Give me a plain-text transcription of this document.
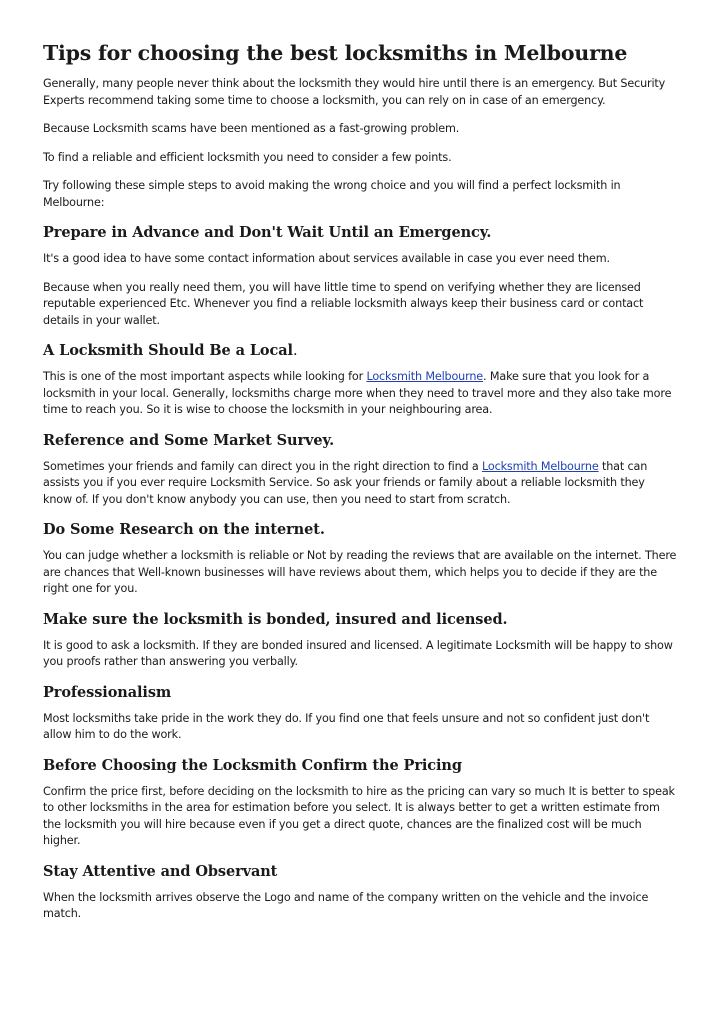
Tips for choosing the best locksmiths in Melbourne

Generally, many people never think about the locksmith they would hire until there is an emergency. But Security Experts recommend taking some time to choose a locksmith, you can rely on in case of an emergency.

Because Locksmith scams have been mentioned as a fast-growing problem.

To find a reliable and efficient locksmith you need to consider a few points.

Try following these simple steps to avoid making the wrong choice and you will find a perfect locksmith in Melbourne:

Prepare in Advance and Don't Wait Until an Emergency.

It's a good idea to have some contact information about services available in case you ever need them.

Because when you really need them, you will have little time to spend on verifying whether they are licensed reputable experienced Etc. Whenever you find a reliable locksmith always keep their business card or contact details in your wallet.

A Locksmith Should Be a Local.

This is one of the most important aspects while looking for Locksmith Melbourne. Make sure that you look for a locksmith in your local. Generally, locksmiths charge more when they need to travel more and they also take more time to reach you. So it is wise to choose the locksmith in your neighbouring area.

Reference and Some Market Survey.

Sometimes your friends and family can direct you in the right direction to find a Locksmith Melbourne that can assists you if you ever require Locksmith Service. So ask your friends or family about a reliable locksmith they know of. If you don't know anybody you can use, then you need to start from scratch.

Do Some Research on the internet.

You can judge whether a locksmith is reliable or Not by reading the reviews that are available on the internet. There are chances that Well-known businesses will have reviews about them, which helps you to decide if they are the right one for you.

Make sure the locksmith is bonded, insured and licensed.

It is good to ask a locksmith. If they are bonded insured and licensed. A legitimate Locksmith will be happy to show you proofs rather than answering you verbally.

Professionalism

Most locksmiths take pride in the work they do. If you find one that feels unsure and not so confident just don't allow him to do the work.

Before Choosing the Locksmith Confirm the Pricing

Confirm the price first, before deciding on the locksmith to hire as the pricing can vary so much It is better to speak to other locksmiths in the area for estimation before you select. It is always better to get a written estimate from the locksmith you will hire because even if you get a direct quote, chances are the finalized cost will be much higher.

Stay Attentive and Observant

When the locksmith arrives observe the Logo and name of the company written on the vehicle and the invoice match.
